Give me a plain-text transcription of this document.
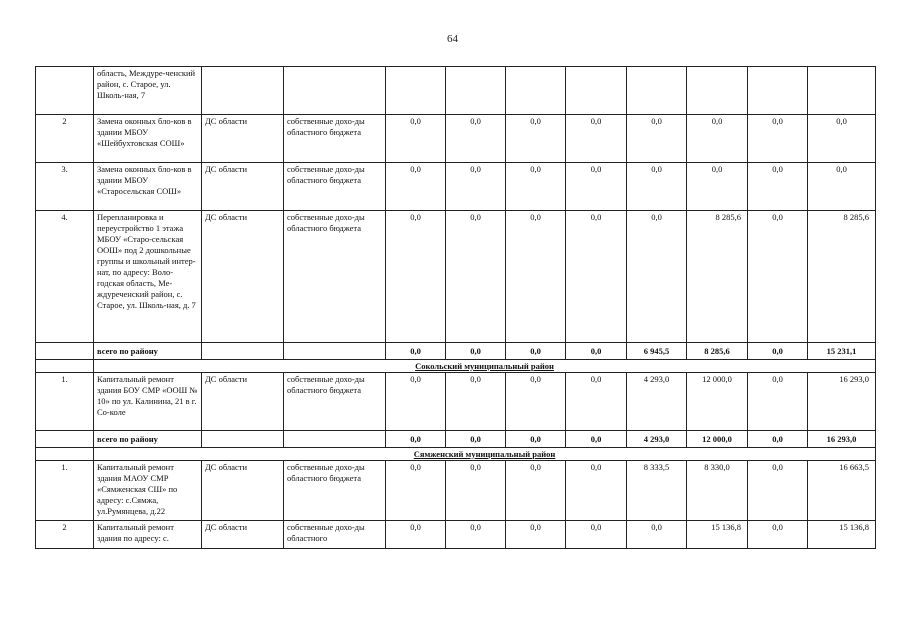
64
	область, Междуре-ченский район, с. Старое, ул. Школь-ная, 7										
2	Замена оконных бло-ков в здании МБОУ «Шейбухтовская СОШ»	ДС области	собственные дохо-ды областного бюджета	0,0	0,0	0,0	0,0	0,0	0,0	0,0	0,0
3.	Замена оконных бло-ков в здании МБОУ «Старосельская СОШ»	ДС области	собственные дохо-ды областного бюджета	0,0	0,0	0,0	0,0	0,0	0,0	0,0	0,0
4.	Перепланировка и переустройство 1 этажа МБОУ «Старо-сельская ООШ» под 2 дошкольные группы и школьный интер-нат, по адресу: Воло-годская область, Ме-ждуреченский район, с. Старое, ул. Школь-ная, д. 7	ДС области	собственные дохо-ды областного бюджета	0,0	0,0	0,0	0,0	0,0	8 285,6	0,0	8 285,6
	всего по району			0,0	0,0	0,0	0,0	6 945,5	8 285,6	0,0	15 231,1
	Сокольский муниципальный район										
1.	Капитальный ремонт здания БОУ СМР «ООШ № 10» по ул. Калинина, 21 в г. Со-коле	ДС области	собственные дохо-ды областного бюджета	0,0	0,0	0,0	0,0	4 293,0	12 000,0	0,0	16 293,0
	всего по району			0,0	0,0	0,0	0,0	4 293,0	12 000,0	0,0	16 293,0
	Сямженский муниципальный район										
1.	Капитальный ремонт здания МАОУ СМР «Сямженская СШ» по адресу: с.Сямжа, ул.Румянцева, д.22	ДС области	собственные дохо-ды областного бюджета	0,0	0,0	0,0	0,0	8 333,5	8 330,0	0,0	16 663,5
2	Капитальный ремонт здания по адресу: с.	ДС области	собственные дохо-ды областного	0,0	0,0	0,0	0,0	0,0	15 136,8	0,0	15 136,8
